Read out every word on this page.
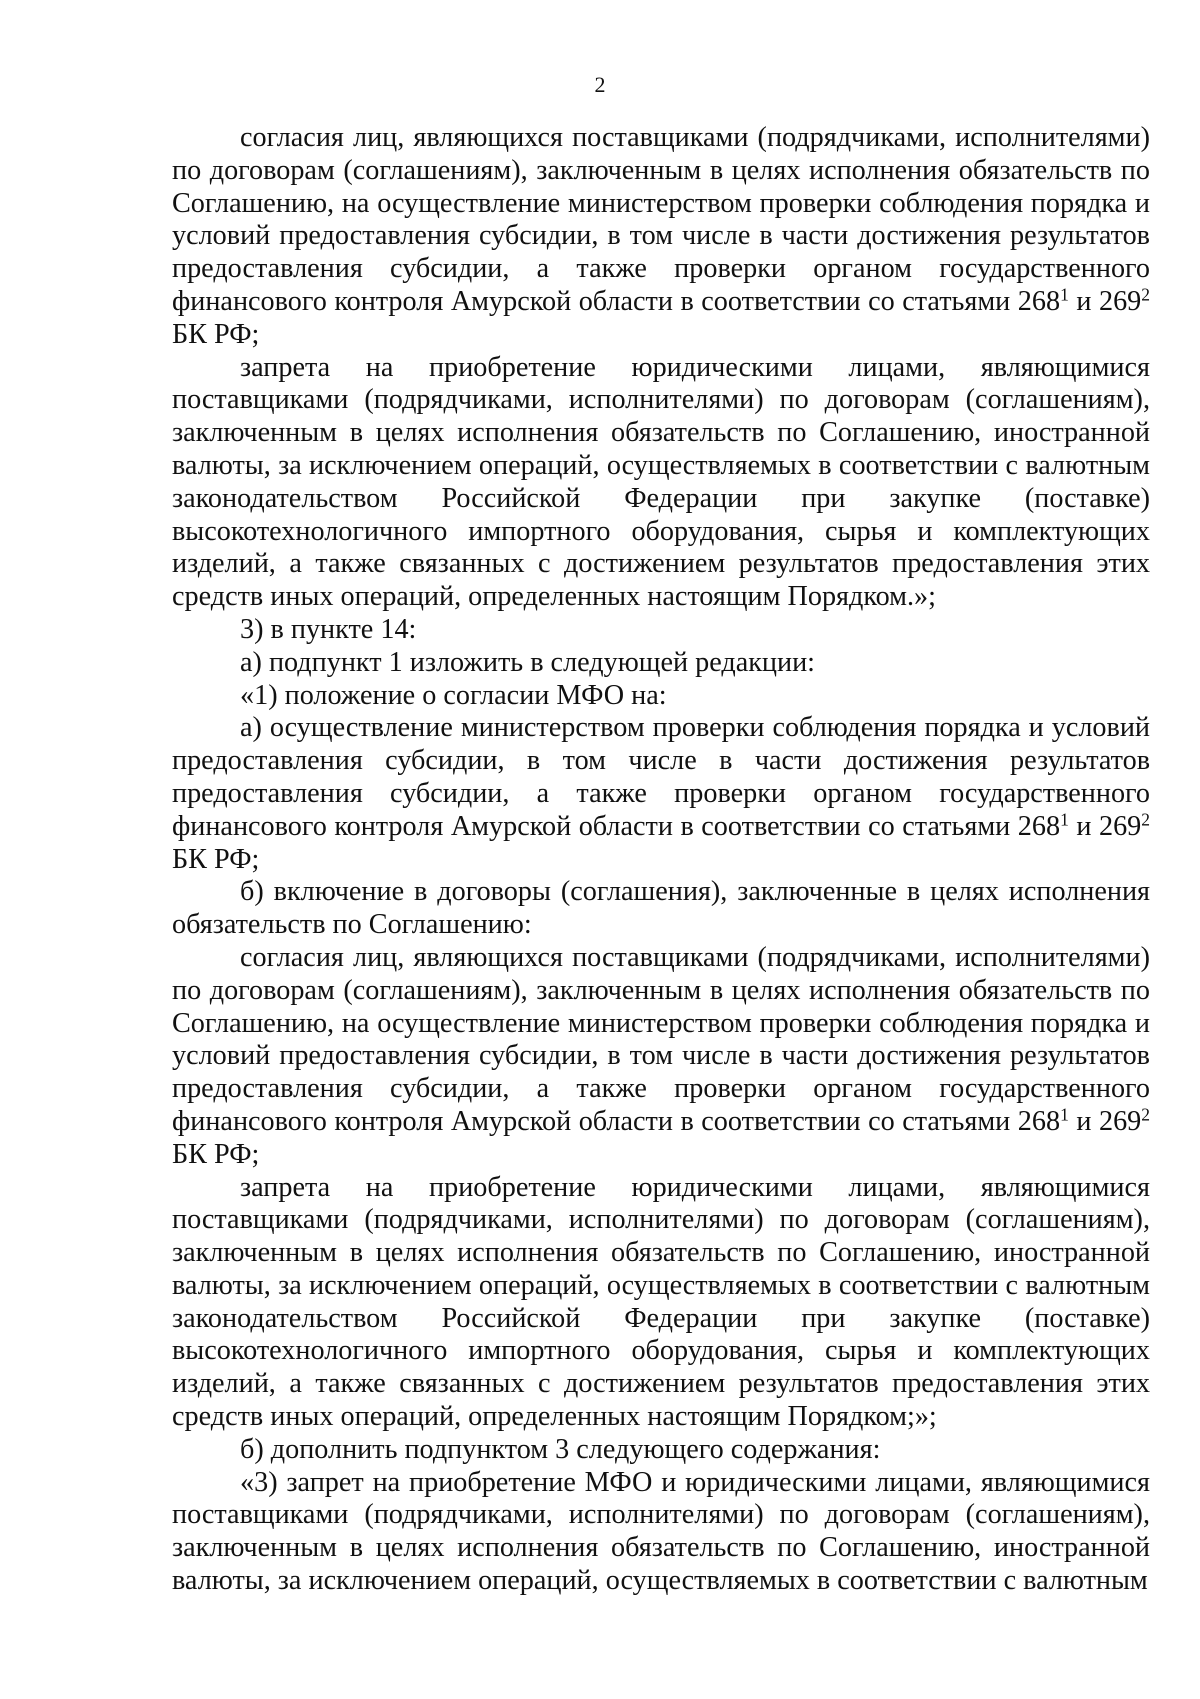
2

согласия лиц, являющихся поставщиками (подрядчиками, исполнителями) по договорам (соглашениям), заключенным в целях исполнения обязательств по Соглашению, на осуществление министерством проверки соблюдения порядка и условий предоставления субсидии, в том числе в части достижения результатов предоставления субсидии, а также проверки органом государственного финансового контроля Амурской области в соответствии со статьями $268^1$ и $269^2$ БК РФ;

запрета на приобретение юридическими лицами, являющимися поставщиками (подрядчиками, исполнителями) по договорам (соглашениям), заключенным в целях исполнения обязательств по Соглашению, иностранной валюты, за исключением операций, осуществляемых в соответствии с валютным законодательством Российской Федерации при закупке (поставке) высокотехнологичного импортного оборудования, сырья и комплектующих изделий, а также связанных с достижением результатов предоставления этих средств иных операций, определенных настоящим Порядком.»;

3) в пункте 14:

а) подпункт 1 изложить в следующей редакции:

«1) положение о согласии МФО на:

а) осуществление министерством проверки соблюдения порядка и условий предоставления субсидии, в том числе в части достижения результатов предоставления субсидии, а также проверки органом государственного финансового контроля Амурской области в соответствии со статьями $268^1$ и $269^2$ БК РФ;

б) включение в договоры (соглашения), заключенные в целях исполнения обязательств по Соглашению:

согласия лиц, являющихся поставщиками (подрядчиками, исполнителями) по договорам (соглашениям), заключенным в целях исполнения обязательств по Соглашению, на осуществление министерством проверки соблюдения порядка и условий предоставления субсидии, в том числе в части достижения результатов предоставления субсидии, а также проверки органом государственного финансового контроля Амурской области в соответствии со статьями $268^1$ и $269^2$ БК РФ;

запрета на приобретение юридическими лицами, являющимися поставщиками (подрядчиками, исполнителями) по договорам (соглашениям), заключенным в целях исполнения обязательств по Соглашению, иностранной валюты, за исключением операций, осуществляемых в соответствии с валютным законодательством Российской Федерации при закупке (поставке) высокотехнологичного импортного оборудования, сырья и комплектующих изделий, а также связанных с достижением результатов предоставления этих средств иных операций, определенных настоящим Порядком;»;

б) дополнить подпунктом 3 следующего содержания:

«3) запрет на приобретение МФО и юридическими лицами, являющимися поставщиками (подрядчиками, исполнителями) по договорам (соглашениям), заключенным в целях исполнения обязательств по Соглашению, иностранной валюты, за исключением операций, осуществляемых в соответствии с валютным
